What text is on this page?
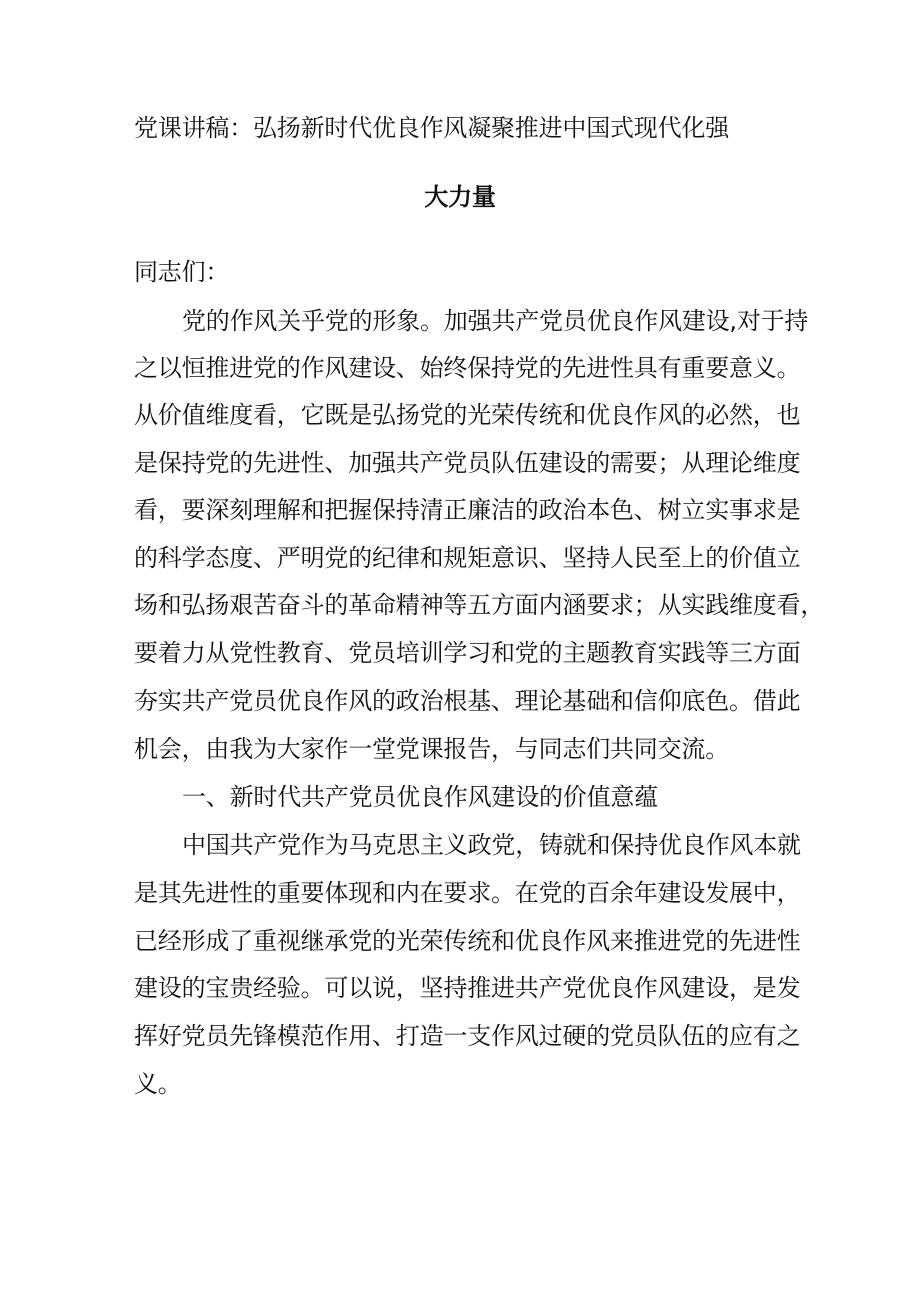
党课讲稿：弘扬新时代优良作风凝聚推进中国式现代化强
大力量
同志们：
党的作风关乎党的形象。加强共产党员优良作风建设,对于持
之以恒推进党的作风建设、始终保持党的先进性具有重要意义。
从价值维度看，它既是弘扬党的光荣传统和优良作风的必然，也
是保持党的先进性、加强共产党员队伍建设的需要；从理论维度
看，要深刻理解和把握保持清正廉洁的政治本色、树立实事求是
的科学态度、严明党的纪律和规矩意识、坚持人民至上的价值立
场和弘扬艰苦奋斗的革命精神等五方面内涵要求；从实践维度看，
要着力从党性教育、党员培训学习和党的主题教育实践等三方面
夯实共产党员优良作风的政治根基、理论基础和信仰底色。借此
机会，由我为大家作一堂党课报告，与同志们共同交流。
一、新时代共产党员优良作风建设的价值意蕴
中国共产党作为马克思主义政党，铸就和保持优良作风本就
是其先进性的重要体现和内在要求。在党的百余年建设发展中，
已经形成了重视继承党的光荣传统和优良作风来推进党的先进性
建设的宝贵经验。可以说，坚持推进共产党优良作风建设，是发
挥好党员先锋模范作用、打造一支作风过硬的党员队伍的应有之
义。
